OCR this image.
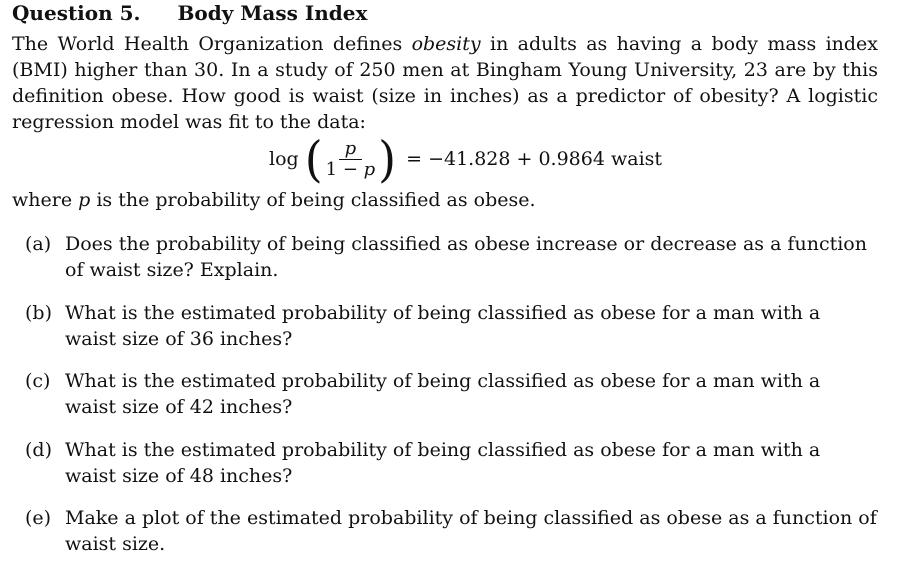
Question 5. Body Mass Index
The World Health Organization defines obesity in adults as having a body mass index (BMI) higher than 30. In a study of 250 men at Bingham Young University, 23 are by this definition obese. How good is waist (size in inches) as a predictor of obesity? A logistic regression model was fit to the data:
log ( $\frac{p}{1 - p}$ ) = −41.828 + 0.9864 waist
where p is the probability of being classified as obese.
(a) Does the probability of being classified as obese increase or decrease as a function of waist size? Explain.
(b) What is the estimated probability of being classified as obese for a man with a waist size of 36 inches?
(c) What is the estimated probability of being classified as obese for a man with a waist size of 42 inches?
(d) What is the estimated probability of being classified as obese for a man with a waist size of 48 inches?
(e) Make a plot of the estimated probability of being classified as obese as a function of waist size.
